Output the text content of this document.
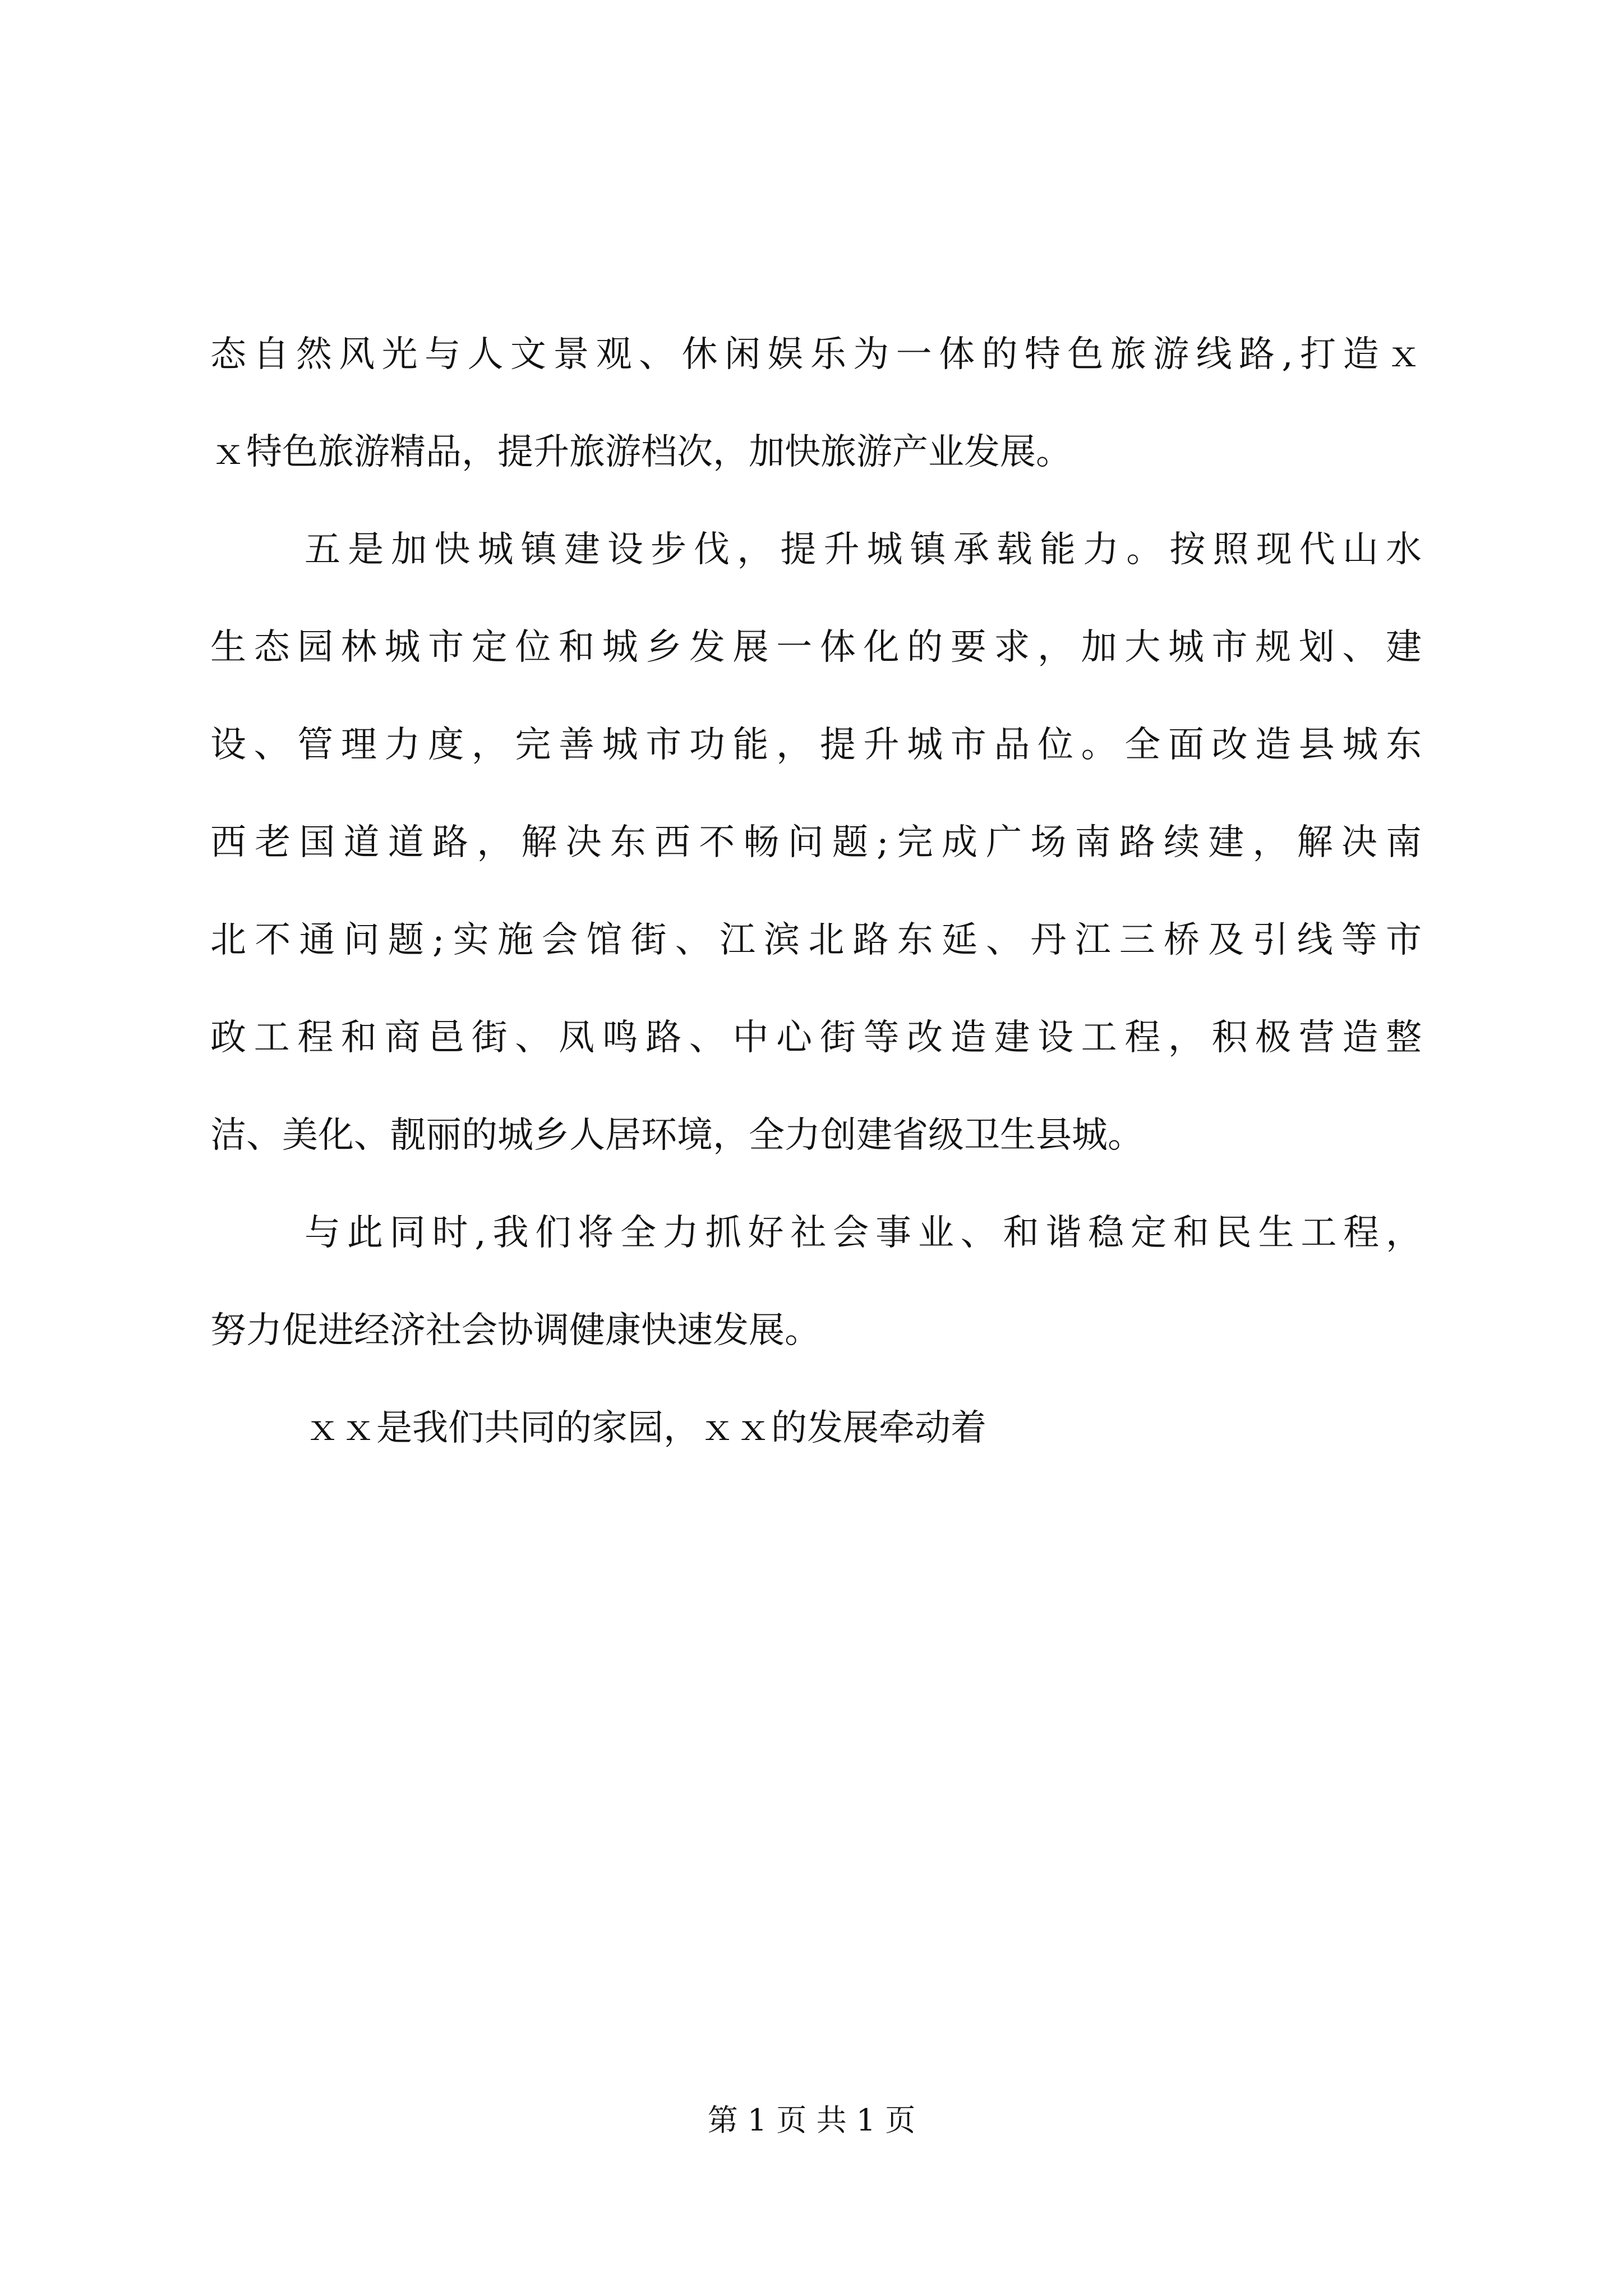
态自然风光与人文景观、休闲娱乐为一体的特色旅游线路,打造ｘ
ｘ特色旅游精品，提升旅游档次，加快旅游产业发展。
五是加快城镇建设步伐，提升城镇承载能力。按照现代山水
生态园林城市定位和城乡发展一体化的要求，加大城市规划、建
设、管理力度，完善城市功能，提升城市品位。全面改造县城东
西老国道道路，解决东西不畅问题;完成广场南路续建，解决南
北不通问题;实施会馆街、江滨北路东延、丹江三桥及引线等市
政工程和商邑街、凤鸣路、中心街等改造建设工程，积极营造整
洁、美化、靓丽的城乡人居环境，全力创建省级卫生县城。
与此同时,我们将全力抓好社会事业、和谐稳定和民生工程，
努力促进经济社会协调健康快速发展。
ｘｘ是我们共同的家园，ｘｘ的发展牵动着
第 1 页 共 1 页
